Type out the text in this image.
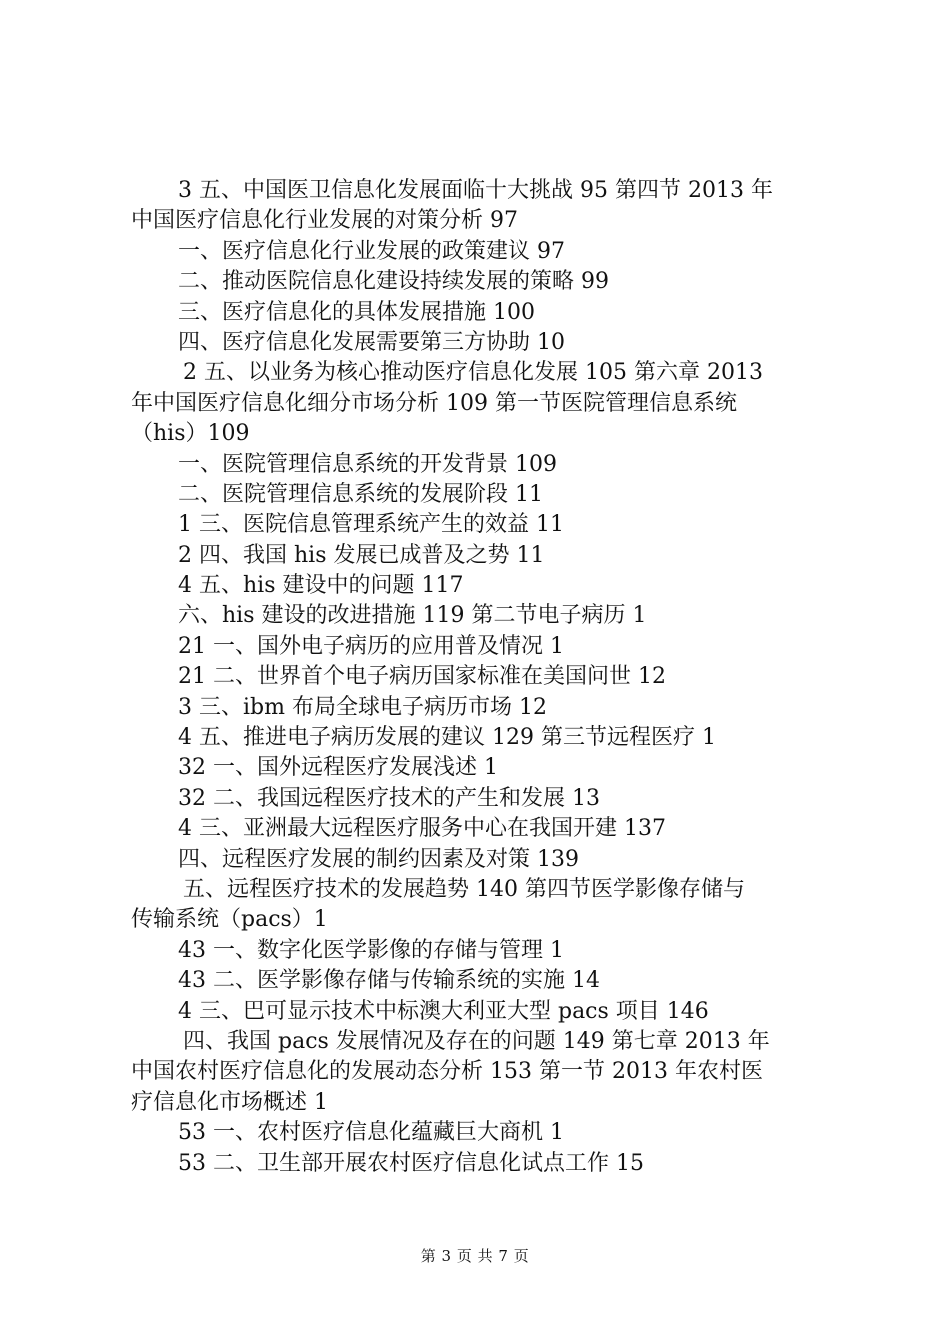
3 五、中国医卫信息化发展面临十大挑战 95 第四节 2013 年
中国医疗信息化行业发展的对策分析 97
一、医疗信息化行业发展的政策建议 97
二、推动医院信息化建设持续发展的策略 99
三、医疗信息化的具体发展措施 100
四、医疗信息化发展需要第三方协助 10
2 五、以业务为核心推动医疗信息化发展 105 第六章 2013
年中国医疗信息化细分市场分析 109 第一节医院管理信息系统
（his）109
一、医院管理信息系统的开发背景 109
二、医院管理信息系统的发展阶段 11
1 三、医院信息管理系统产生的效益 11
2 四、我国 his 发展已成普及之势 11
4 五、his 建设中的问题 117
六、his 建设的改进措施 119 第二节电子病历 1
21 一、国外电子病历的应用普及情况 1
21 二、世界首个电子病历国家标准在美国问世 12
3 三、ibm 布局全球电子病历市场 12
4 五、推进电子病历发展的建议 129 第三节远程医疗 1
32 一、国外远程医疗发展浅述 1
32 二、我国远程医疗技术的产生和发展 13
4 三、亚洲最大远程医疗服务中心在我国开建 137
四、远程医疗发展的制约因素及对策 139
五、远程医疗技术的发展趋势 140 第四节医学影像存储与
传输系统（pacs）1
43 一、数字化医学影像的存储与管理 1
43 二、医学影像存储与传输系统的实施 14
4 三、巴可显示技术中标澳大利亚大型 pacs 项目 146
四、我国 pacs 发展情况及存在的问题 149 第七章 2013 年
中国农村医疗信息化的发展动态分析 153 第一节 2013 年农村医
疗信息化市场概述 1
53 一、农村医疗信息化蕴藏巨大商机 1
53 二、卫生部开展农村医疗信息化试点工作 15
第 3 页 共 7 页
